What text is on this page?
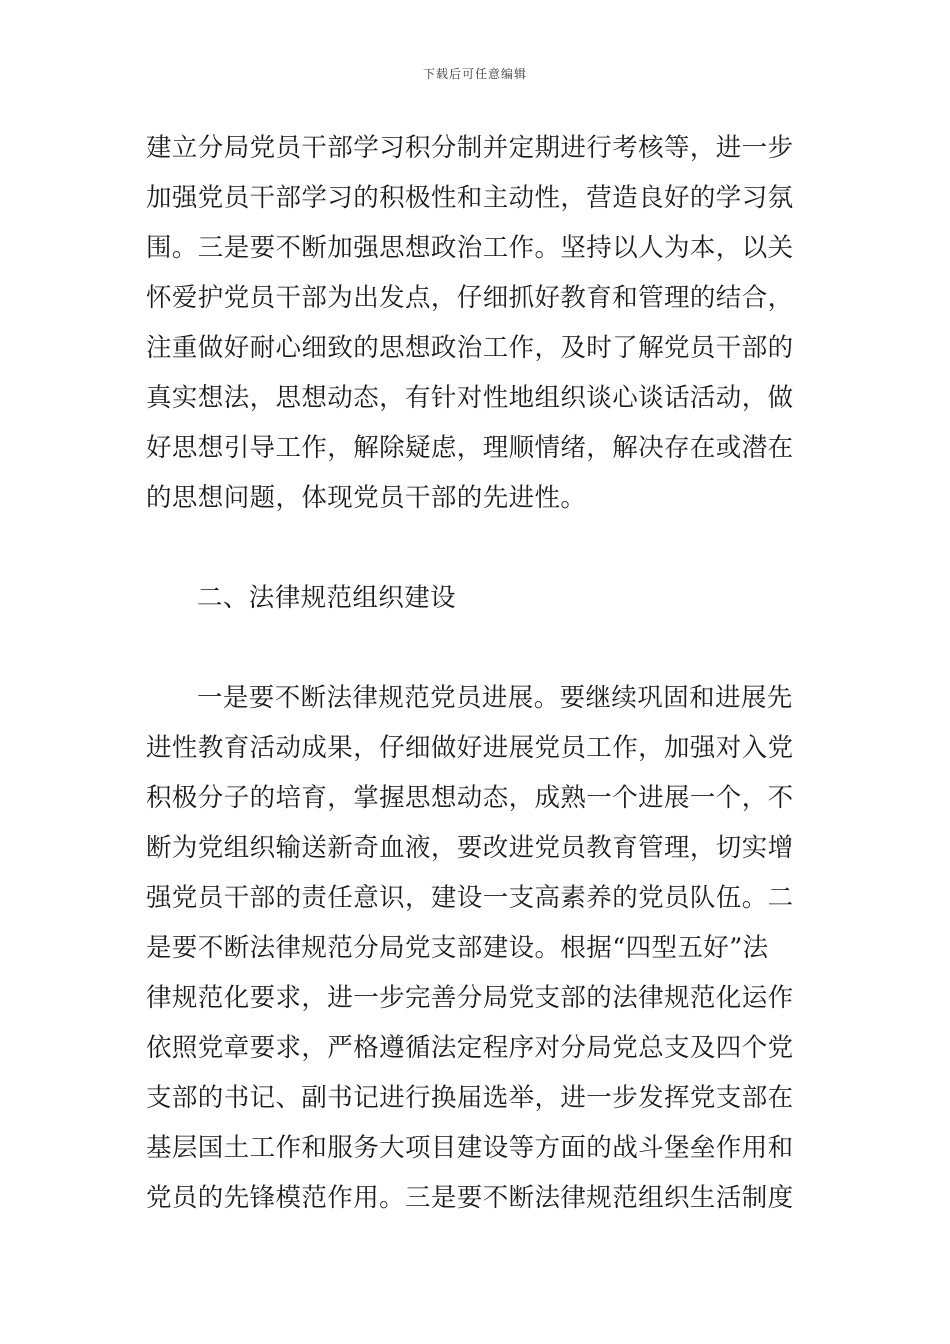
下载后可任意编辑
建立分局党员干部学习积分制并定期进行考核等，进一步
加强党员干部学习的积极性和主动性，营造良好的学习氛
围。三是要不断加强思想政治工作。坚持以人为本，以关
怀爱护党员干部为出发点，仔细抓好教育和管理的结合，
注重做好耐心细致的思想政治工作，及时了解党员干部的
真实想法，思想动态，有针对性地组织谈心谈话活动，做
好思想引导工作，解除疑虑，理顺情绪，解决存在或潜在
的思想问题，体现党员干部的先进性。
二、法律规范组织建设
一是要不断法律规范党员进展。要继续巩固和进展先
进性教育活动成果，仔细做好进展党员工作，加强对入党
积极分子的培育，掌握思想动态，成熟一个进展一个，不
断为党组织输送新奇血液，要改进党员教育管理，切实增
强党员干部的责任意识，建设一支高素养的党员队伍。二
是要不断法律规范分局党支部建设。根据“四型五好”法
律规范化要求，进一步完善分局党支部的法律规范化运作
依照党章要求，严格遵循法定程序对分局党总支及四个党
支部的书记、副书记进行换届选举，进一步发挥党支部在
基层国土工作和服务大项目建设等方面的战斗堡垒作用和
党员的先锋模范作用。三是要不断法律规范组织生活制度
